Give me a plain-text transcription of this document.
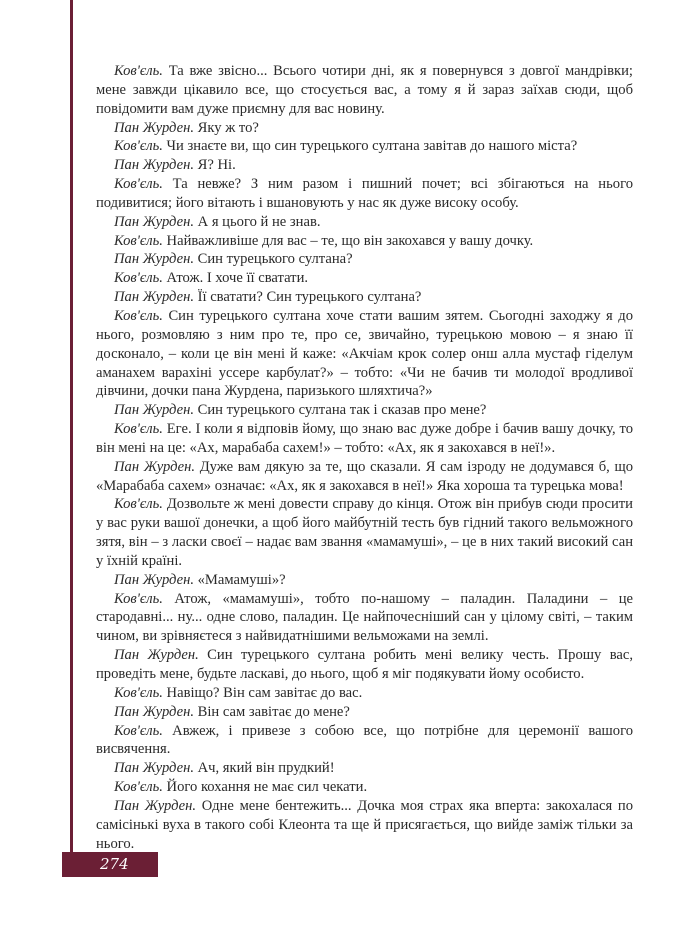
Ков'єль. Та вже звісно... Всього чотири дні, як я повернувся з довгої мандрівки; мене завжди цікавило все, що стосується вас, а тому я й зараз заїхав сюди, щоб повідомити вам дуже приємну для вас новину.

Пан Журден. Яку ж то?

Ков'єль. Чи знаєте ви, що син турецького султана завітав до нашого міста?

Пан Журден. Я? Ні.

Ков'єль. Та невже? З ним разом і пишний почет; всі збігаються на нього подивитися; його вітають і вшановують у нас як дуже високу особу.

Пан Журден. А я цього й не знав.

Ков'єль. Найважливіше для вас – те, що він закохався у вашу дочку.

Пан Журден. Син турецького султана?

Ков'єль. Атож. І хоче її сватати.

Пан Журден. Її сватати? Син турецького султана?

Ков'єль. Син турецького султана хоче стати вашим зятем. Сьогодні заходжу я до нього, розмовляю з ним про те, про се, звичайно, турецькою мовою – я знаю її досконало, – коли це він мені й каже: «Акчіам крок солер онш алла мустаф гіделум аманахем варахіні уссере карбулат?» – тобто: «Чи не бачив ти молодої вродливої дівчини, дочки пана Журдена, паризького шляхтича?»

Пан Журден. Син турецького султана так і сказав про мене?

Ков'єль. Еге. І коли я відповів йому, що знаю вас дуже добре і бачив вашу дочку, то він мені на це: «Ах, марабаба сахем!» – тобто: «Ах, як я закохався в неї!».

Пан Журден. Дуже вам дякую за те, що сказали. Я сам ізроду не додумався б, що «Марабаба сахем» означає: «Ах, як я закохався в неї!» Яка хороша та турецька мова!

Ков'єль. Дозвольте ж мені довести справу до кінця. Отож він прибув сюди просити у вас руки вашої донечки, а щоб його майбутній тесть був гідний такого вельможного зятя, він – з ласки своєї – надає вам звання «мамамуші», – це в них такий високий сан у їхній країні.

Пан Журден. «Мамамуші»?

Ков'єль. Атож, «мамамуші», тобто по-нашому – паладин. Паладини – це стародавні... ну... одне слово, паладин. Це найпочесніший сан у цілому світі, – таким чином, ви зрівняєтеся з найвидатнішими вельможами на землі.

Пан Журден. Син турецького султана робить мені велику честь. Прошу вас, проведіть мене, будьте ласкаві, до нього, щоб я міг подякувати йому особисто.

Ков'єль. Навіщо? Він сам завітає до вас.

Пан Журден. Він сам завітає до мене?

Ков'єль. Авжеж, і привезе з собою все, що потрібне для церемонії вашого висвячення.

Пан Журден. Ач, який він прудкий!

Ков'єль. Його кохання не має сил чекати.

Пан Журден. Одне мене бентежить... Дочка моя страх яка вперта: закохалася по самісінькі вуха в такого собі Клеонта та ще й присягається, що вийде заміж тільки за нього.

274
